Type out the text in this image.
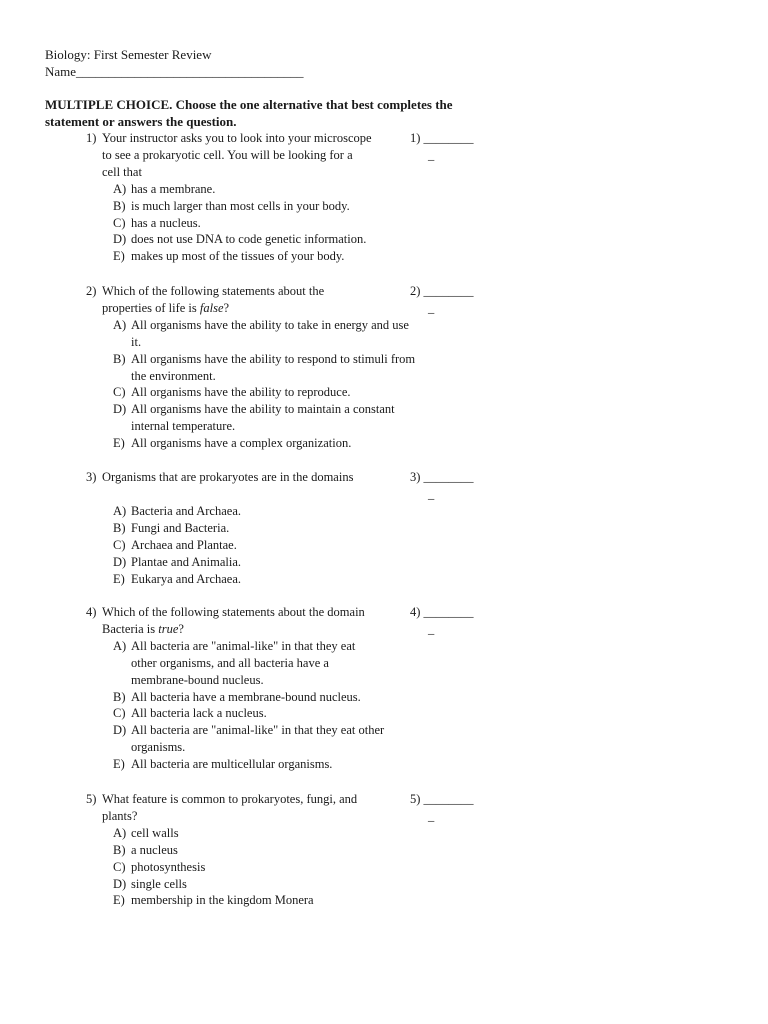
Biology: First Semester Review
Name___________________________________
MULTIPLE CHOICE. Choose the one alternative that best completes the statement or answers the question.
1) Your instructor asks you to look into your microscope to see a prokaryotic cell. You will be looking for a cell that
A) has a membrane.
B) is much larger than most cells in your body.
C) has a nucleus.
D) does not use DNA to code genetic information.
E) makes up most of the tissues of your body.
1) ________
_
2) Which of the following statements about the properties of life is false?
A) All organisms have the ability to take in energy and use it.
B) All organisms have the ability to respond to stimuli from the environment.
C) All organisms have the ability to reproduce.
D) All organisms have the ability to maintain a constant internal temperature.
E) All organisms have a complex organization.
2) ________
_
3) Organisms that are prokaryotes are in the domains
A) Bacteria and Archaea.
B) Fungi and Bacteria.
C) Archaea and Plantae.
D) Plantae and Animalia.
E) Eukarya and Archaea.
3) ________
_
4) Which of the following statements about the domain Bacteria is true?
A) All bacteria are "animal-like" in that they eat other organisms, and all bacteria have a membrane-bound nucleus.
B) All bacteria have a membrane-bound nucleus.
C) All bacteria lack a nucleus.
D) All bacteria are "animal-like" in that they eat other organisms.
E) All bacteria are multicellular organisms.
4) ________
_
5) What feature is common to prokaryotes, fungi, and plants?
A) cell walls
B) a nucleus
C) photosynthesis
D) single cells
E) membership in the kingdom Monera
5) ________
_
